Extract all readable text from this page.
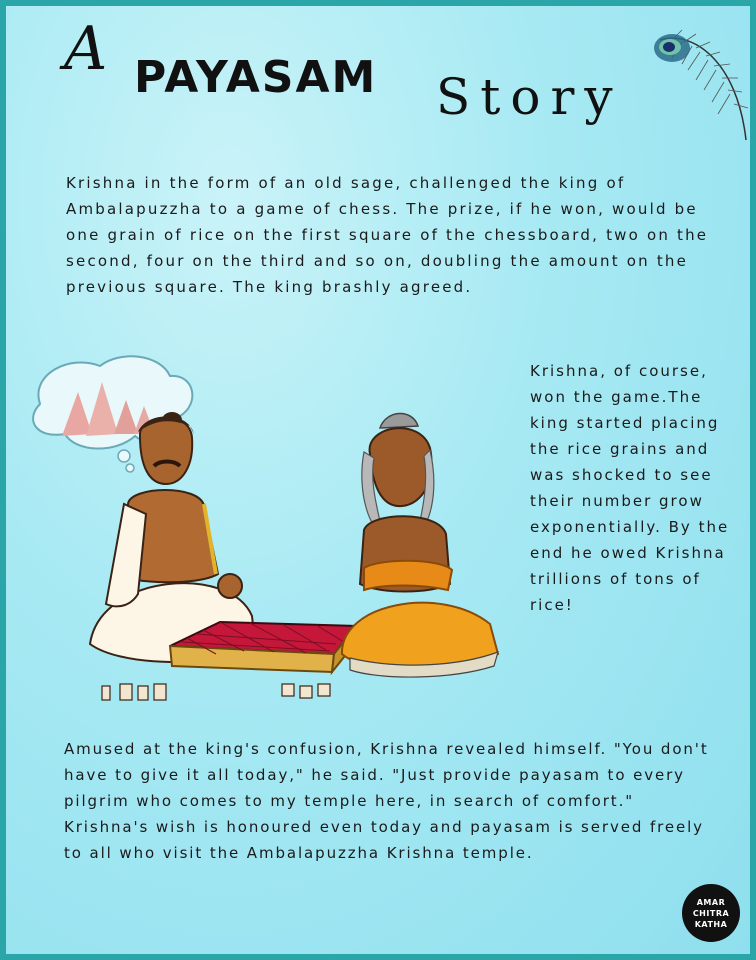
A PAYASAM Story
Krishna in the form of an old sage, challenged the king of Ambalapuzzha to a game of chess. The prize, if he won, would be one grain of rice on the first square of the chessboard, two on the second, four on the third and so on, doubling the amount on the previous square. The king brashly agreed.
Krishna, of course, won the game.The king started placing the rice grains and was shocked to see their number grow exponentially. By the end he owed Krishna trillions of tons of rice!
Amused at the king's confusion, Krishna revealed himself. "You don't have to give it all today," he said. "Just provide payasam to every pilgrim who comes to my temple here, in search of comfort." Krishna's wish is honoured even today and payasam is served freely to all who visit the Ambalapuzzha Krishna temple.
AMAR
CHITRA
KATHA
